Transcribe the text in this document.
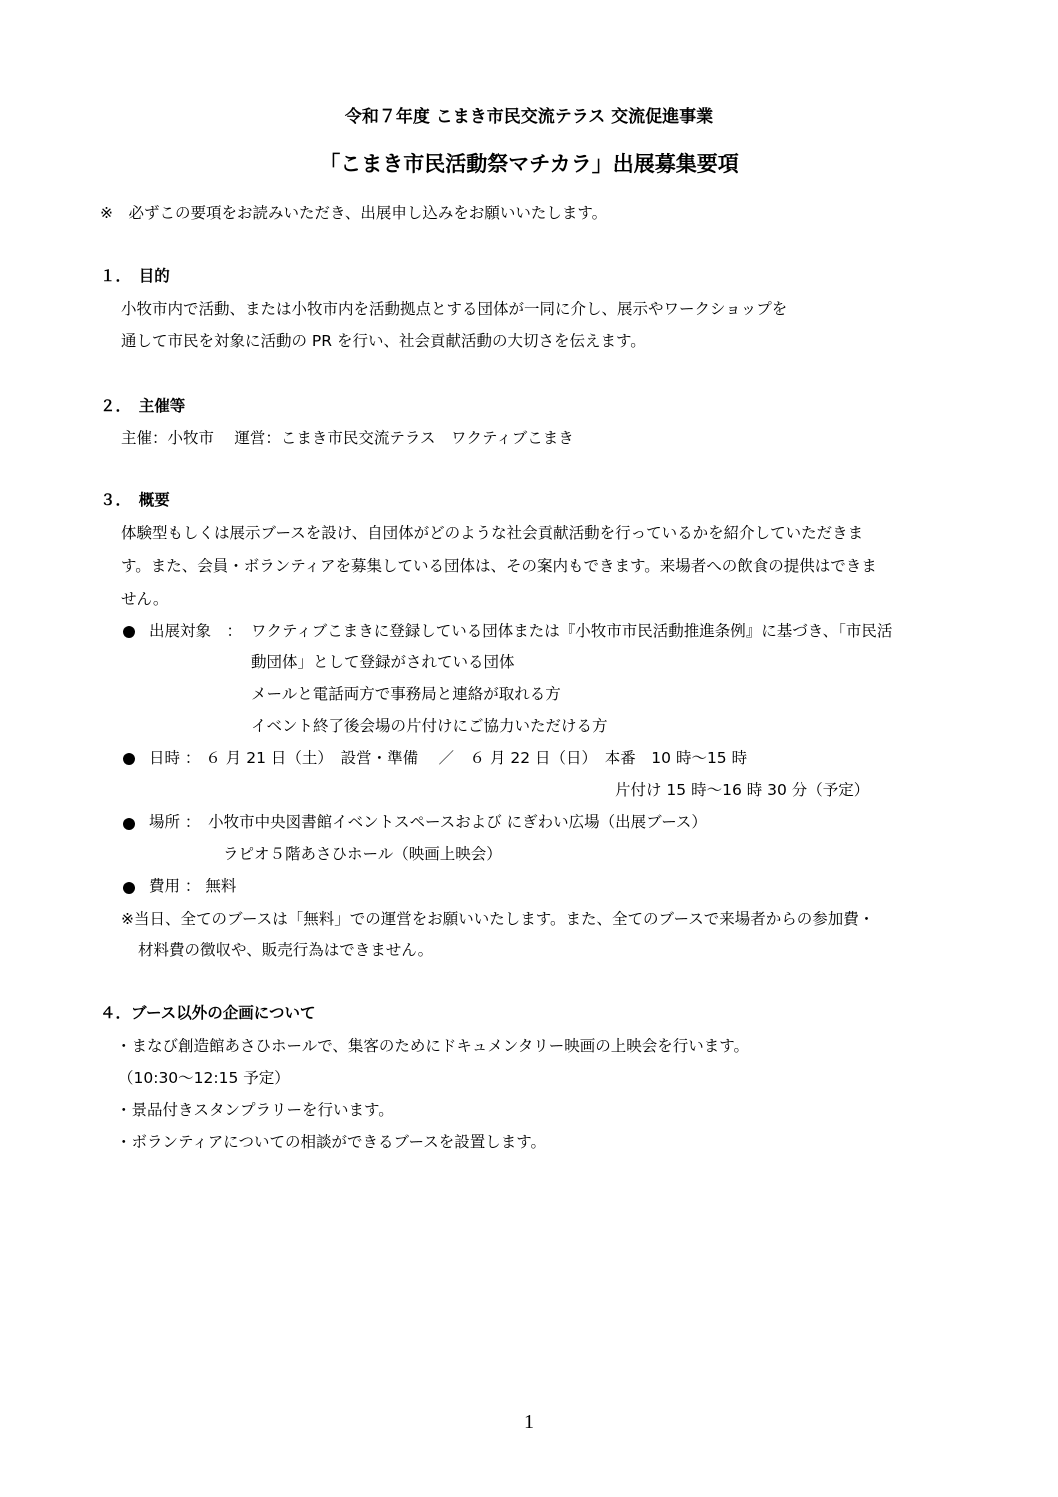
令和７年度 こまき市民交流テラス 交流促進事業
「こまき市民活動祭マチカラ」出展募集要項
※　必ずこの要項をお読みいただき、出展申し込みをお願いいたします。
１．　目的
小牧市内で活動、または小牧市内を活動拠点とする団体が一同に介し、展示やワークショップを
通して市民を対象に活動の PR を行い、社会貢献活動の大切さを伝えます。
２．　主催等
主催：小牧市　 運営：こまき市民交流テラス　ワクティブこまき
３．　概要
体験型もしくは展示ブースを設け、自団体がどのような社会貢献活動を行っているかを紹介していただきま
す。また、会員・ボランティアを募集している団体は、その案内もできます。来場者への飲食の提供はできま
せん。
出展対象　： ワクティブこまきに登録している団体または『小牧市市民活動推進条例』に基づき、「市民活
動団体」として登録がされている団体
メールと電話両方で事務局と連絡が取れる方
イベント終了後会場の片付けにご協力いただける方
日時 ： ６ 月 21 日（土）　設営・準備　 ／　６ 月 22 日（日）　本番　10 時～15 時
片付け 15 時～16 時 30 分（予定）
場所 ：　小牧市中央図書館イベントスペースおよび にぎわい広場（出展ブース）
ラピオ５階あさひホール（映画上映会）
費用 ： 無料
※当日、全てのブースは「無料」での運営をお願いいたします。また、全てのブースで来場者からの参加費・
材料費の徴収や、販売行為はできません。
４．ブース以外の企画について
・まなび創造館あさひホールで、集客のためにドキュメンタリー映画の上映会を行います。
（10:30～12:15 予定）
・景品付きスタンプラリーを行います。
・ボランティアについての相談ができるブースを設置します。
1
